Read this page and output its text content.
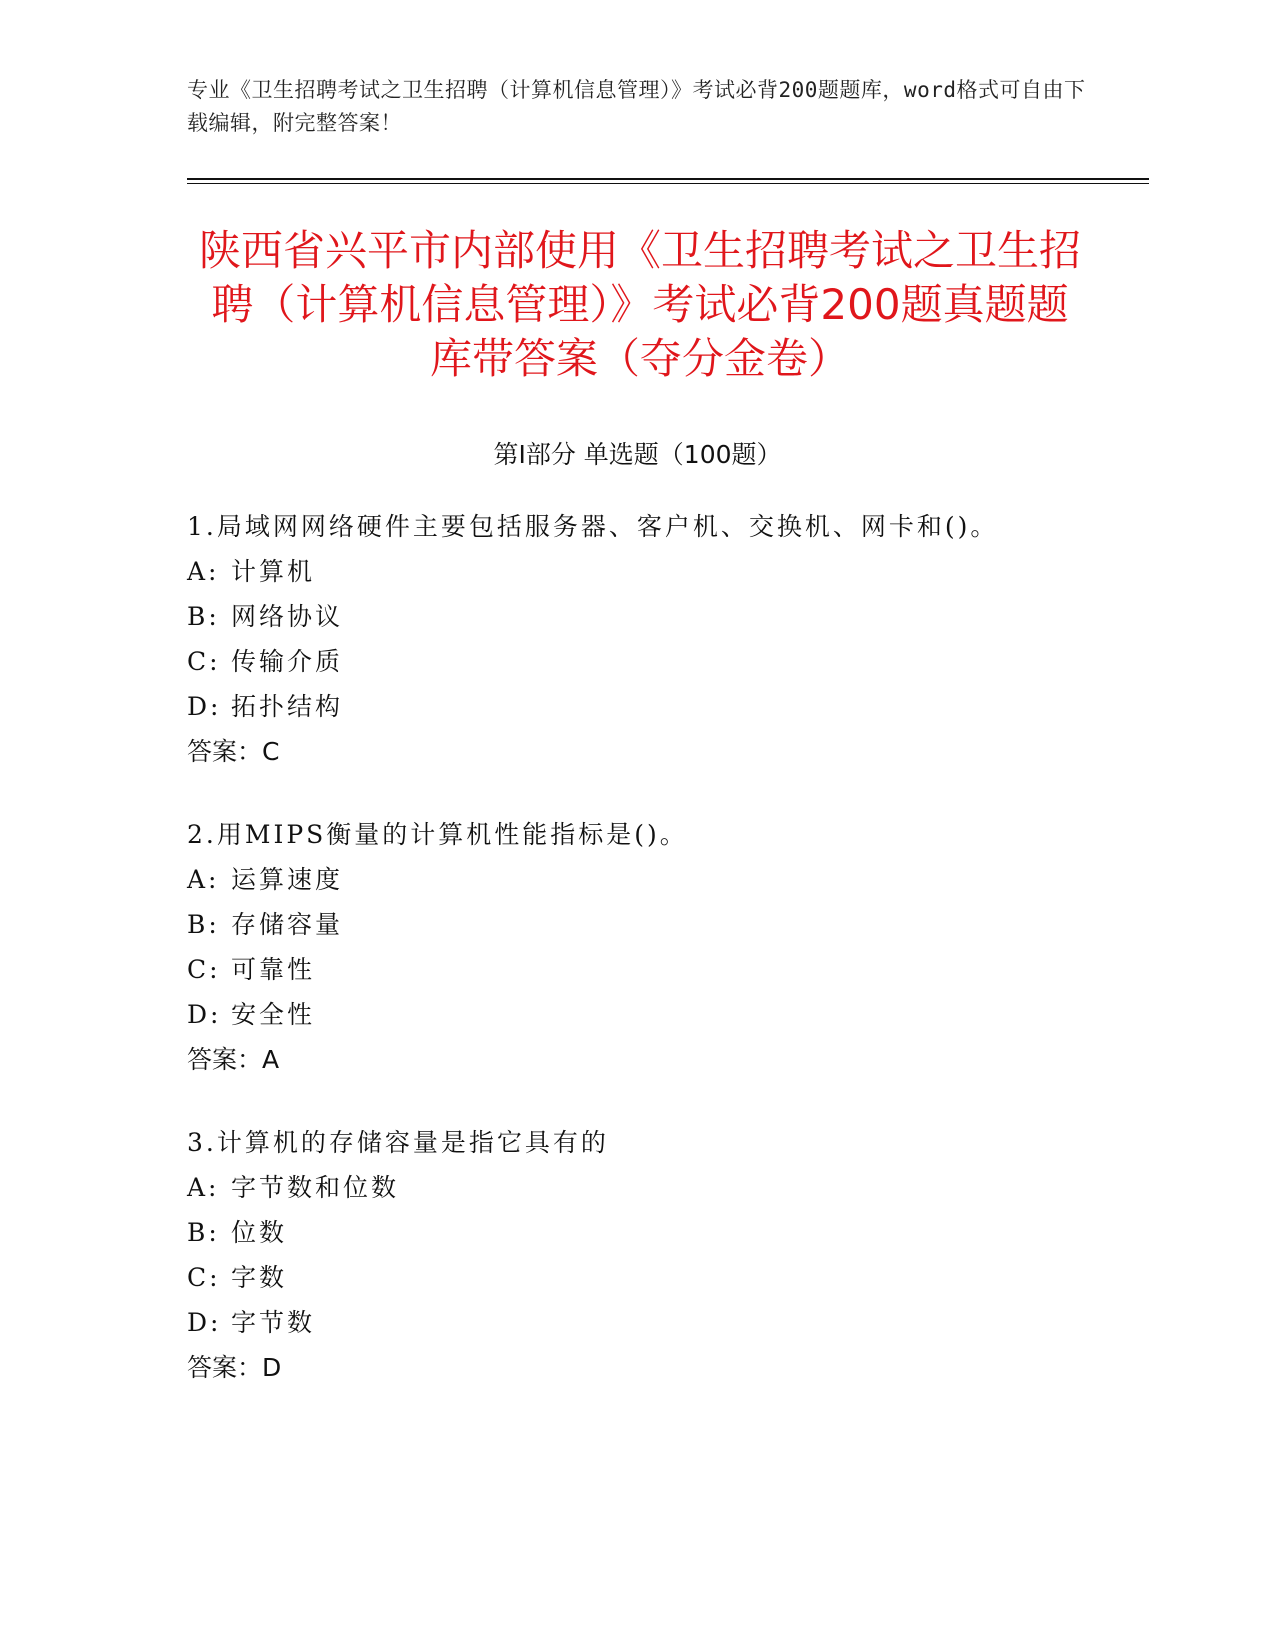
专业《卫生招聘考试之卫生招聘（计算机信息管理）》考试必背200题题库，word格式可自由下载编辑，附完整答案！
陕西省兴平市内部使用《卫生招聘考试之卫生招聘（计算机信息管理）》考试必背200题真题题库带答案（夺分金卷）
第Ⅰ部分 单选题（100题）
1.局域网网络硬件主要包括服务器、客户机、交换机、网卡和()。
A: 计算机
B: 网络协议
C: 传输介质
D: 拓扑结构
答案：C
2.用MIPS衡量的计算机性能指标是()。
A: 运算速度
B: 存储容量
C: 可靠性
D: 安全性
答案：A
3.计算机的存储容量是指它具有的
A: 字节数和位数
B: 位数
C: 字数
D: 字节数
答案：D
